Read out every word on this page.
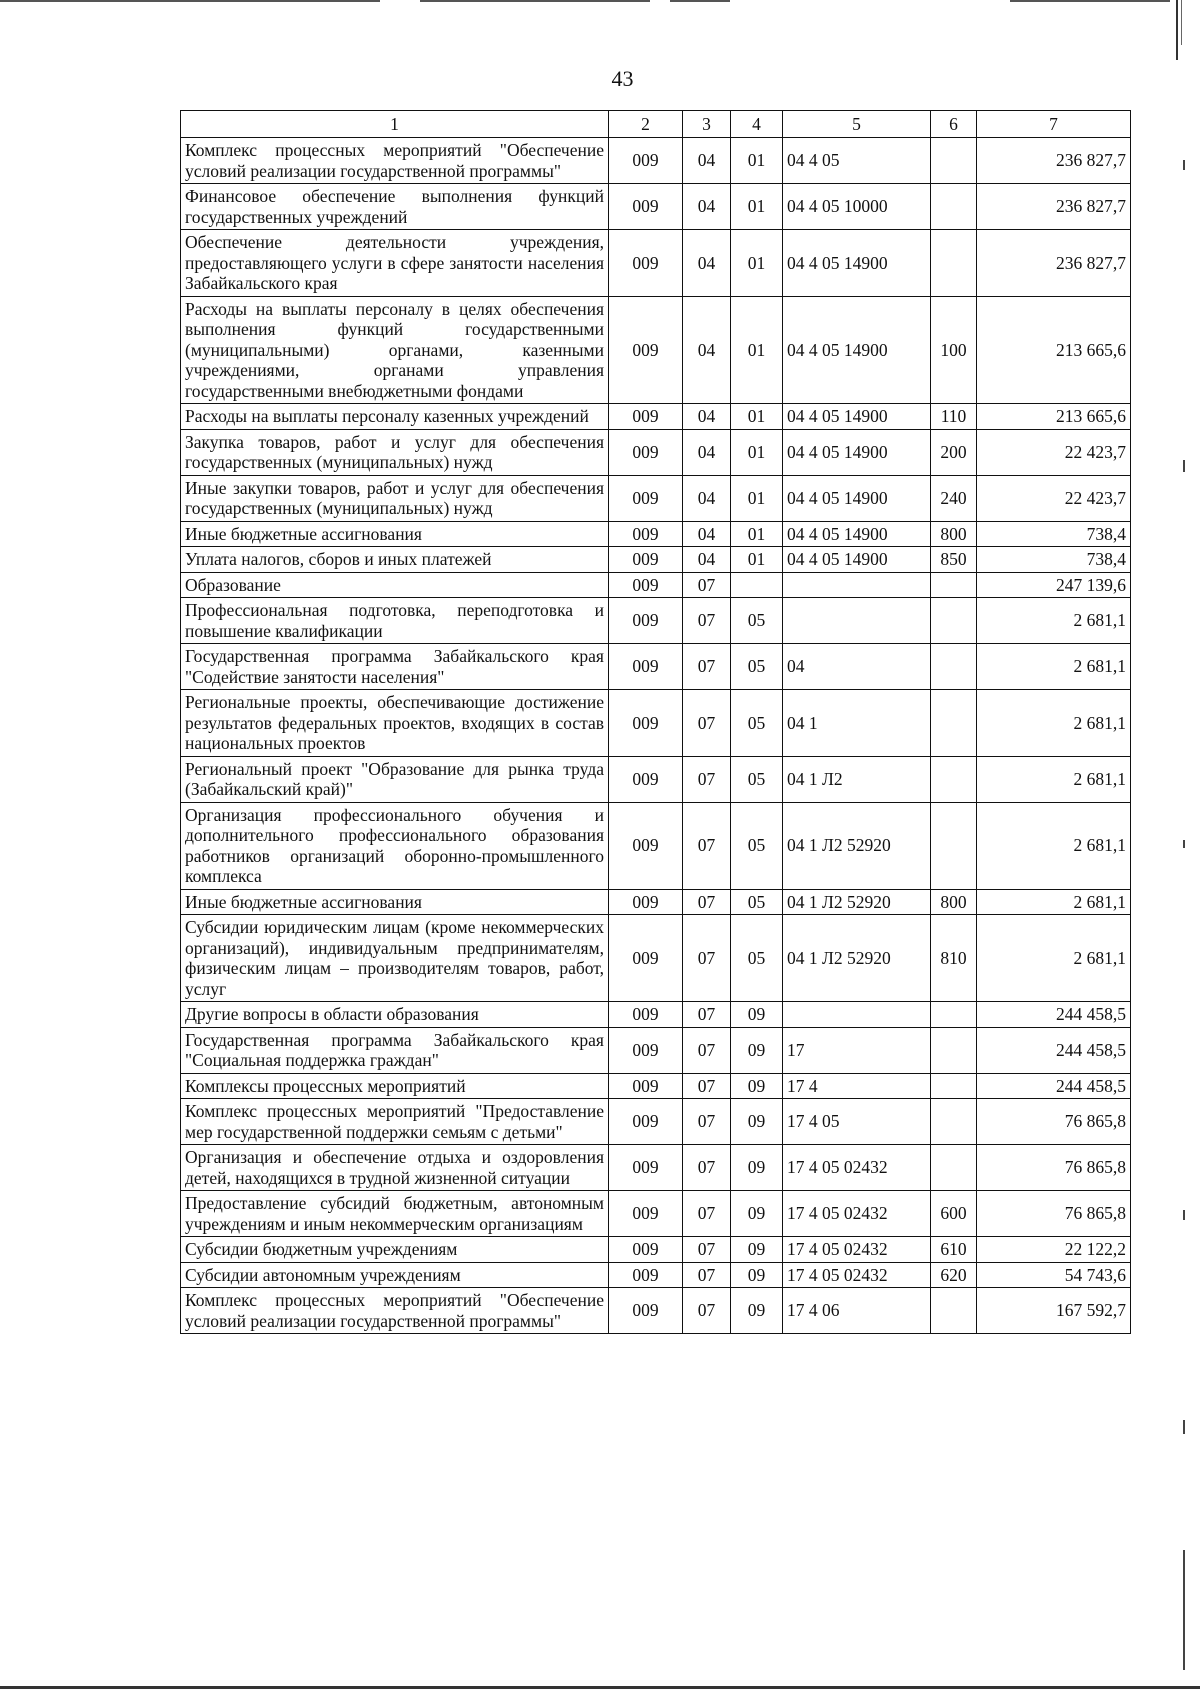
43
1	2	3	4	5	6	7
Комплекс процессных мероприятий "Обеспечение условий реализации государственной программы"	009	04	01	04 4 05		236 827,7
Финансовое обеспечение выполнения функций государственных учреждений	009	04	01	04 4 05 10000		236 827,7
Обеспечение деятельности учреждения, предоставляющего услуги в сфере занятости населения Забайкальского края	009	04	01	04 4 05 14900		236 827,7
Расходы на выплаты персоналу в целях обеспечения выполнения функций государственными (муниципальными) органами, казенными учреждениями, органами управления государственными внебюджетными фондами	009	04	01	04 4 05 14900	100	213 665,6
Расходы на выплаты персоналу казенных учреждений	009	04	01	04 4 05 14900	110	213 665,6
Закупка товаров, работ и услуг для обеспечения государственных (муниципальных) нужд	009	04	01	04 4 05 14900	200	22 423,7
Иные закупки товаров, работ и услуг для обеспечения государственных (муниципальных) нужд	009	04	01	04 4 05 14900	240	22 423,7
Иные бюджетные ассигнования	009	04	01	04 4 05 14900	800	738,4
Уплата налогов, сборов и иных платежей	009	04	01	04 4 05 14900	850	738,4
Образование	009	07				247 139,6
Профессиональная подготовка, переподготовка и повышение квалификации	009	07	05			2 681,1
Государственная программа Забайкальского края "Содействие занятости населения"	009	07	05	04		2 681,1
Региональные проекты, обеспечивающие достижение результатов федеральных проектов, входящих в состав национальных проектов	009	07	05	04 1		2 681,1
Региональный проект "Образование для рынка труда (Забайкальский край)"	009	07	05	04 1 Л2		2 681,1
Организация профессионального обучения и дополнительного профессионального образования работников организаций оборонно-промышленного комплекса	009	07	05	04 1 Л2 52920		2 681,1
Иные бюджетные ассигнования	009	07	05	04 1 Л2 52920	800	2 681,1
Субсидии юридическим лицам (кроме некоммерческих организаций), индивидуальным предпринимателям, физическим лицам – производителям товаров, работ, услуг	009	07	05	04 1 Л2 52920	810	2 681,1
Другие вопросы в области образования	009	07	09			244 458,5
Государственная программа Забайкальского края "Социальная поддержка граждан"	009	07	09	17		244 458,5
Комплексы процессных мероприятий	009	07	09	17 4		244 458,5
Комплекс процессных мероприятий "Предоставление мер государственной поддержки семьям с детьми"	009	07	09	17 4 05		76 865,8
Организация и обеспечение отдыха и оздоровления детей, находящихся в трудной жизненной ситуации	009	07	09	17 4 05 02432		76 865,8
Предоставление субсидий бюджетным, автономным учреждениям и иным некоммерческим организациям	009	07	09	17 4 05 02432	600	76 865,8
Субсидии бюджетным учреждениям	009	07	09	17 4 05 02432	610	22 122,2
Субсидии автономным учреждениям	009	07	09	17 4 05 02432	620	54 743,6
Комплекс процессных мероприятий "Обеспечение условий реализации государственной программы"	009	07	09	17 4 06		167 592,7
